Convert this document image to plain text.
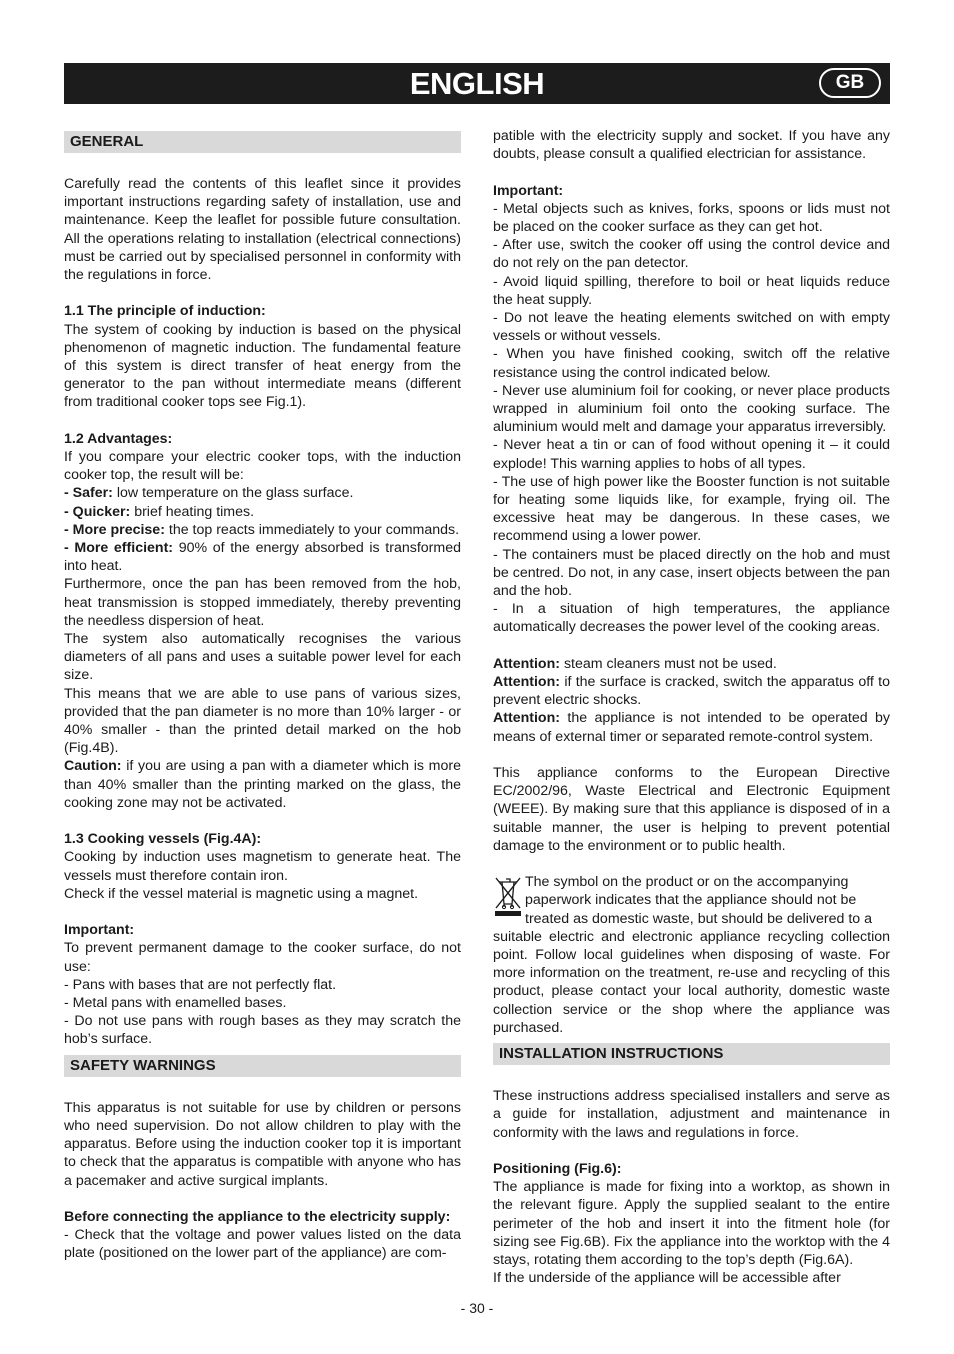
ENGLISH	GB
GENERAL

Carefully read the contents of this leaflet since it provides important instructions regarding safety of installation, use and maintenance. Keep the leaflet for possible future consultation. All the operations relating to installation (electrical connections) must be carried out by specialised personnel in conformity with the regulations in force.

1.1 The principle of induction:

The system of cooking by induction is based on the physical phenomenon of magnetic induction. The fundamental feature of this system is direct transfer of heat energy from the generator to the pan without intermediate means (different from traditional cooker tops see Fig.1).

1.2 Advantages:

If you compare your electric cooker tops, with the induction cooker top, the result will be:

- Safer: low temperature on the glass surface.

- Quicker: brief heating times.

- More precise: the top reacts immediately to your commands.

- More efficient: 90% of the energy absorbed is transformed into heat.

Furthermore, once the pan has been removed from the hob, heat transmission is stopped immediately, thereby preventing the needless dispersion of heat.

The system also automatically recognises the various diameters of all pans and uses a suitable power level for each size.

This means that we are able to use pans of various sizes, provided that the pan diameter is no more than 10% larger - or 40% smaller - than the printed detail marked on the hob (Fig.4B).

Caution: if you are using a pan with a diameter which is more than 40% smaller than the printing marked on the glass, the cooking zone may not be activated.

1.3 Cooking vessels (Fig.4A):

Cooking by induction uses magnetism to generate heat. The vessels must therefore contain iron.

Check if the vessel material is magnetic using a magnet.

Important:

To prevent permanent damage to the cooker surface, do not use:

- Pans with bases that are not perfectly flat.

- Metal pans with enamelled bases.

- Do not use pans with rough bases as they may scratch the hob’s surface.

SAFETY WARNINGS

This apparatus is not suitable for use by children or persons who need supervision. Do not allow children to play with the apparatus. Before using the induction cooker top it is important to check that the apparatus is compatible with anyone who has a pacemaker and active surgical implants.

Before connecting the appliance to the electricity supply:

- Check that the voltage and power values listed on the data plate (positioned on the lower part of the appliance) are com-

patible with the electricity supply and socket. If you have any doubts, please consult a qualified electrician for assistance.

Important:

- Metal objects such as knives, forks, spoons or lids must not be placed on the cooker surface as they can get hot.

- After use, switch the cooker off using the control device and do not rely on the pan detector.

- Avoid liquid spilling, therefore to boil or heat liquids reduce the heat supply.

- Do not leave the heating elements switched on with empty vessels or without vessels.

- When you have finished cooking, switch off the relative resistance using the control indicated below.

- Never use aluminium foil for cooking, or never place products wrapped in aluminium foil onto the cooking surface. The aluminium would melt and damage your apparatus irreversibly.

- Never heat a tin or can of food without opening it – it could explode! This warning applies to hobs of all types.

- The use of high power like the Booster function is not suitable for heating some liquids like, for example, frying oil. The excessive heat may be dangerous. In these cases, we recommend using a lower power.

- The containers must be placed directly on the hob and must be centred. Do not, in any case, insert objects between the pan and the hob.

- In a situation of high temperatures, the appliance automatically decreases the power level of the cooking areas.

Attention: steam cleaners must not be used.

Attention: if the surface is cracked, switch the apparatus off to prevent electric shocks.

Attention: the appliance is not intended to be operated by means of external timer or separated remote-control system.

This appliance conforms to the European Directive EC/2002/96, Waste Electrical and Electronic Equipment (WEEE). By making sure that this appliance is disposed of in a suitable manner, the user is helping to prevent potential damage to the environment or to public health.

The symbol on the product or on the accompanying

paperwork indicates that the appliance should not be

treated as domestic waste, but should be delivered to a

suitable electric and electronic appliance recycling collection point. Follow local guidelines when disposing of waste. For more information on the treatment, re-use and recycling of this product, please contact your local authority, domestic waste collection service or the shop where the appliance was purchased.

INSTALLATION INSTRUCTIONS

These instructions address specialised installers and serve as a guide for installation, adjustment and maintenance in conformity with the laws and regulations in force.

Positioning (Fig.6):

The appliance is made for fixing into a worktop, as shown in the relevant figure. Apply the supplied sealant to the entire perimeter of the hob and insert it into the fitment hole (for sizing see Fig.6B). Fix the appliance into the worktop with the 4 stays, rotating them according to the top’s depth (Fig.6A).

If the underside of the appliance will be accessible after

- 30 -
